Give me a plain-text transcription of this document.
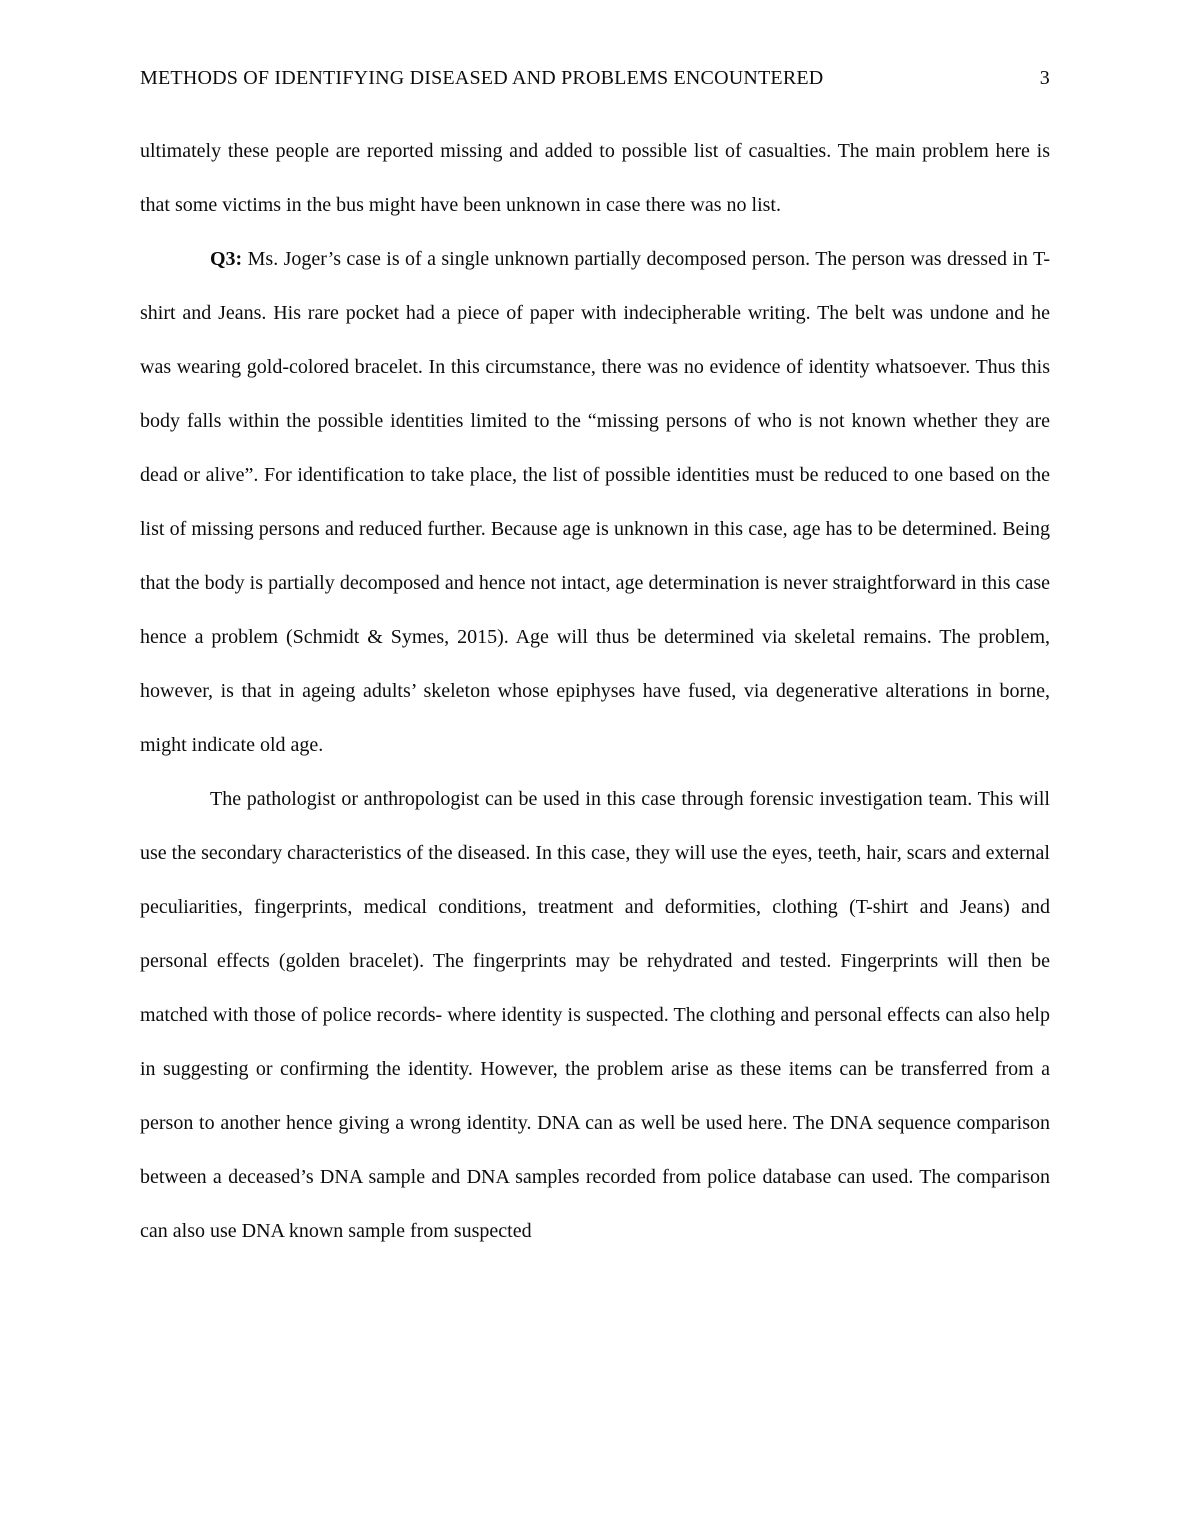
METHODS OF IDENTIFYING DISEASED AND PROBLEMS ENCOUNTERED	3

ultimately these people are reported missing and added to possible list of casualties. The main problem here is that some victims in the bus might have been unknown in case there was no list.

Q3: Ms. Joger’s case is of a single unknown partially decomposed person. The person was dressed in T-shirt and Jeans. His rare pocket had a piece of paper with indecipherable writing. The belt was undone and he was wearing gold-colored bracelet. In this circumstance, there was no evidence of identity whatsoever. Thus this body falls within the possible identities limited to the “missing persons of who is not known whether they are dead or alive”. For identification to take place, the list of possible identities must be reduced to one based on the list of missing persons and reduced further. Because age is unknown in this case, age has to be determined. Being that the body is partially decomposed and hence not intact, age determination is never straightforward in this case hence a problem (Schmidt & Symes, 2015). Age will thus be determined via skeletal remains. The problem, however, is that in ageing adults’ skeleton whose epiphyses have fused, via degenerative alterations in borne, might indicate old age.

The pathologist or anthropologist can be used in this case through forensic investigation team. This will use the secondary characteristics of the diseased. In this case, they will use the eyes, teeth, hair, scars and external peculiarities, fingerprints, medical conditions, treatment and deformities, clothing (T-shirt and Jeans) and personal effects (golden bracelet). The fingerprints may be rehydrated and tested. Fingerprints will then be matched with those of police records- where identity is suspected. The clothing and personal effects can also help in suggesting or confirming the identity. However, the problem arise as these items can be transferred from a person to another hence giving a wrong identity. DNA can as well be used here. The DNA sequence comparison between a deceased’s DNA sample and DNA samples recorded from police database can used. The comparison can also use DNA known sample from suspected
